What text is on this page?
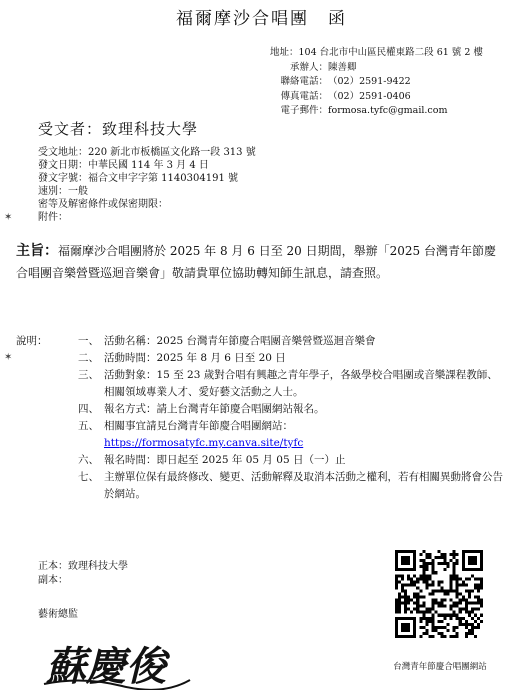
福爾摩沙合唱團　函
地址：104 台北市中山區民權東路二段 61 號 2 樓
承辦人：陳善卿
聯絡電話：（02）2591-9422
傳真電話：（02）2591-0406
電子郵件：formosa.tyfc@gmail.com
受文者：致理科技大學
受文地址：220 新北市板橋區文化路一段 313 號
發文日期：中華民國 114 年 3 月 4 日
發文字號：福合文申字字第 1140304191 號
速別：一般
密等及解密條件或保密期限：
附件：
✶
✶
主旨：福爾摩沙合唱團將於 2025 年 8 月 6 日至 20 日期間，舉辦「2025 台灣青年節慶合唱團音樂營暨巡迴音樂會」敬請貴單位協助轉知師生訊息，請查照。
說明：	一、 活動名稱：2025 台灣青年節慶合唱團音樂營暨巡迴音樂會
二、 活動時間：2025 年 8 月 6 日至 20 日
三、 活動對象：15 至 23 歲對合唱有興趣之青年學子，各級學校合唱團或音樂課程教師、相關領域專業人才、愛好藝文活動之人士。
四、 報名方式：請上台灣青年節慶合唱團網站報名。
五、 相關事宜請見台灣青年節慶合唱團網站：
https://formosatyfc.my.canva.site/tyfc
六、 報名時間：即日起至 2025 年 05 月 05 日（一）止
七、 主辦單位保有最終修改、變更、活動解釋及取消本活動之權利，若有相關異動將會公告於網站。
正本：致理科技大學
副本：
藝術總監
蘇慶俊	台灣青年節慶合唱團網站
